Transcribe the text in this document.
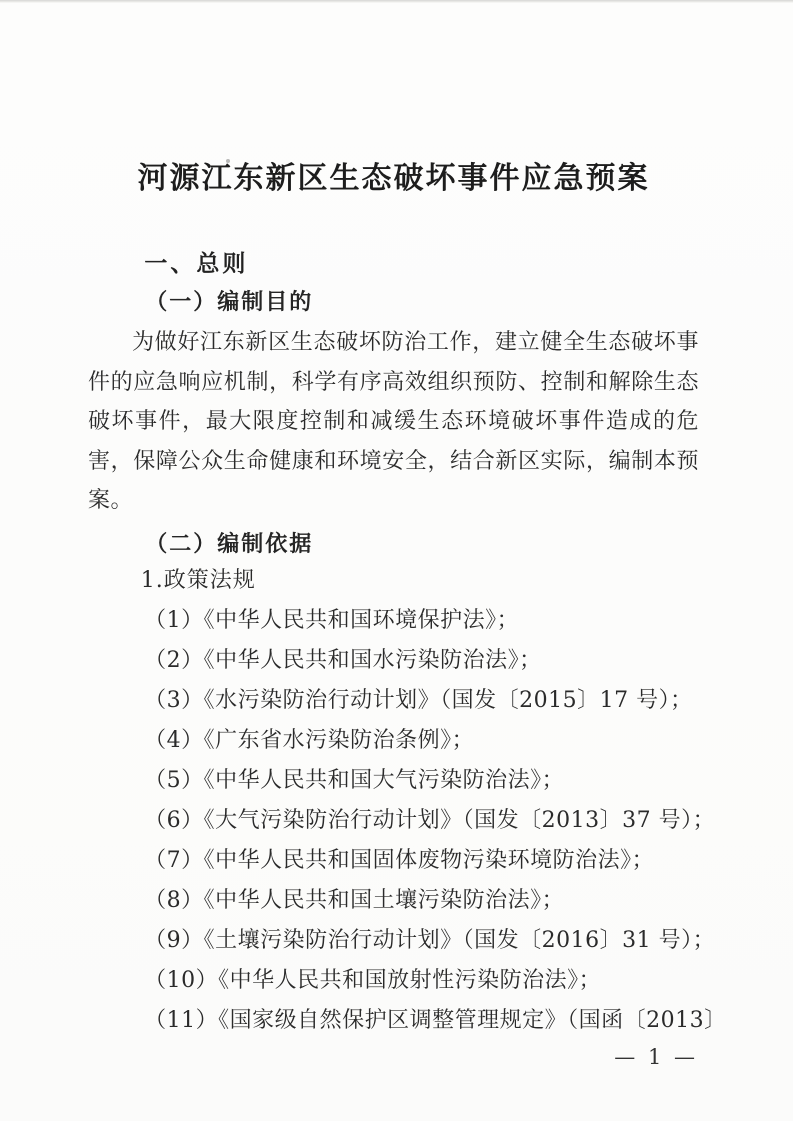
河源江东新区生态破坏事件应急预案
一、总则
（一）编制目的

为做好江东新区生态破坏防治工作，建立健全生态破坏事件的应急响应机制，科学有序高效组织预防、控制和解除生态破坏事件，最大限度控制和减缓生态环境破坏事件造成的危害，保障公众生命健康和环境安全，结合新区实际，编制本预案。

（二）编制依据

1.政策法规

（1）《中华人民共和国环境保护法》；

（2）《中华人民共和国水污染防治法》；

（3）《水污染防治行动计划》（国发〔2015〕17 号）；

（4）《广东省水污染防治条例》；

（5）《中华人民共和国大气污染防治法》；

（6）《大气污染防治行动计划》（国发〔2013〕37 号）；

（7）《中华人民共和国固体废物污染环境防治法》；

（8）《中华人民共和国土壤污染防治法》；

（9）《土壤污染防治行动计划》（国发〔2016〕31 号）；

（10）《中华人民共和国放射性污染防治法》；

（11）《国家级自然保护区调整管理规定》（国函〔2013〕

— 1 —
